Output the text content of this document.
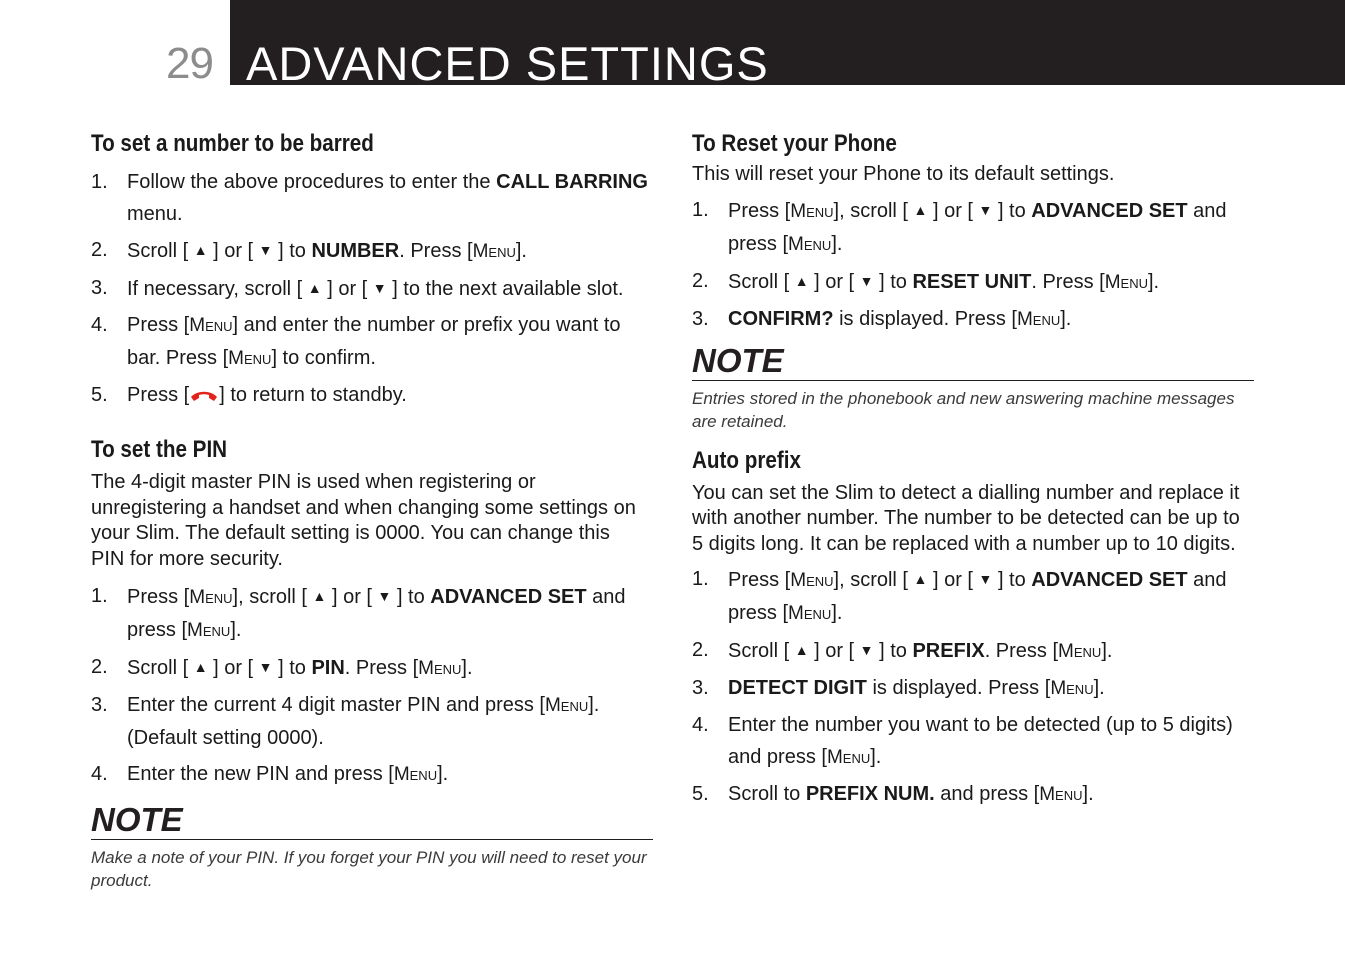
29 ADVANCED SETTINGS
To set a number to be barred
1. Follow the above procedures to enter the CALL BARRING menu.
2. Scroll [ ▲ ] or [ ▼ ] to NUMBER. Press [Menu].
3. If necessary, scroll [ ▲ ] or [ ▼ ] to the next available slot.
4. Press [Menu] and enter the number or prefix you want to bar. Press [Menu] to confirm.
5. Press [ ] to return to standby.
To set the PIN

The 4-digit master PIN is used when registering or unregistering a handset and when changing some settings on your Slim. The default setting is 0000. You can change this PIN for more security.

1. Press [Menu], scroll [ ▲ ] or [ ▼ ] to ADVANCED SET and press [Menu].
2. Scroll [ ▲ ] or [ ▼ ] to PIN. Press [Menu].
3. Enter the current 4 digit master PIN and press [Menu]. (Default setting 0000).
4. Enter the new PIN and press [Menu].
NOTE

Make a note of your PIN. If you forget your PIN you will need to reset your product.

To Reset your Phone

This will reset your Phone to its default settings.

1. Press [Menu], scroll [ ▲ ] or [ ▼ ] to ADVANCED SET and press [Menu].
2. Scroll [ ▲ ] or [ ▼ ] to RESET UNIT. Press [Menu].
3. CONFIRM? is displayed. Press [Menu].
NOTE

Entries stored in the phonebook and new answering machine messages are retained.

Auto prefix

You can set the Slim to detect a dialling number and replace it with another number. The number to be detected can be up to 5 digits long. It can be replaced with a number up to 10 digits.

1. Press [Menu], scroll [ ▲ ] or [ ▼ ] to ADVANCED SET and press [Menu].
2. Scroll [ ▲ ] or [ ▼ ] to PREFIX. Press [Menu].
3. DETECT DIGIT is displayed. Press [Menu].
4. Enter the number you want to be detected (up to 5 digits) and press [Menu].
5. Scroll to PREFIX NUM. and press [Menu].
